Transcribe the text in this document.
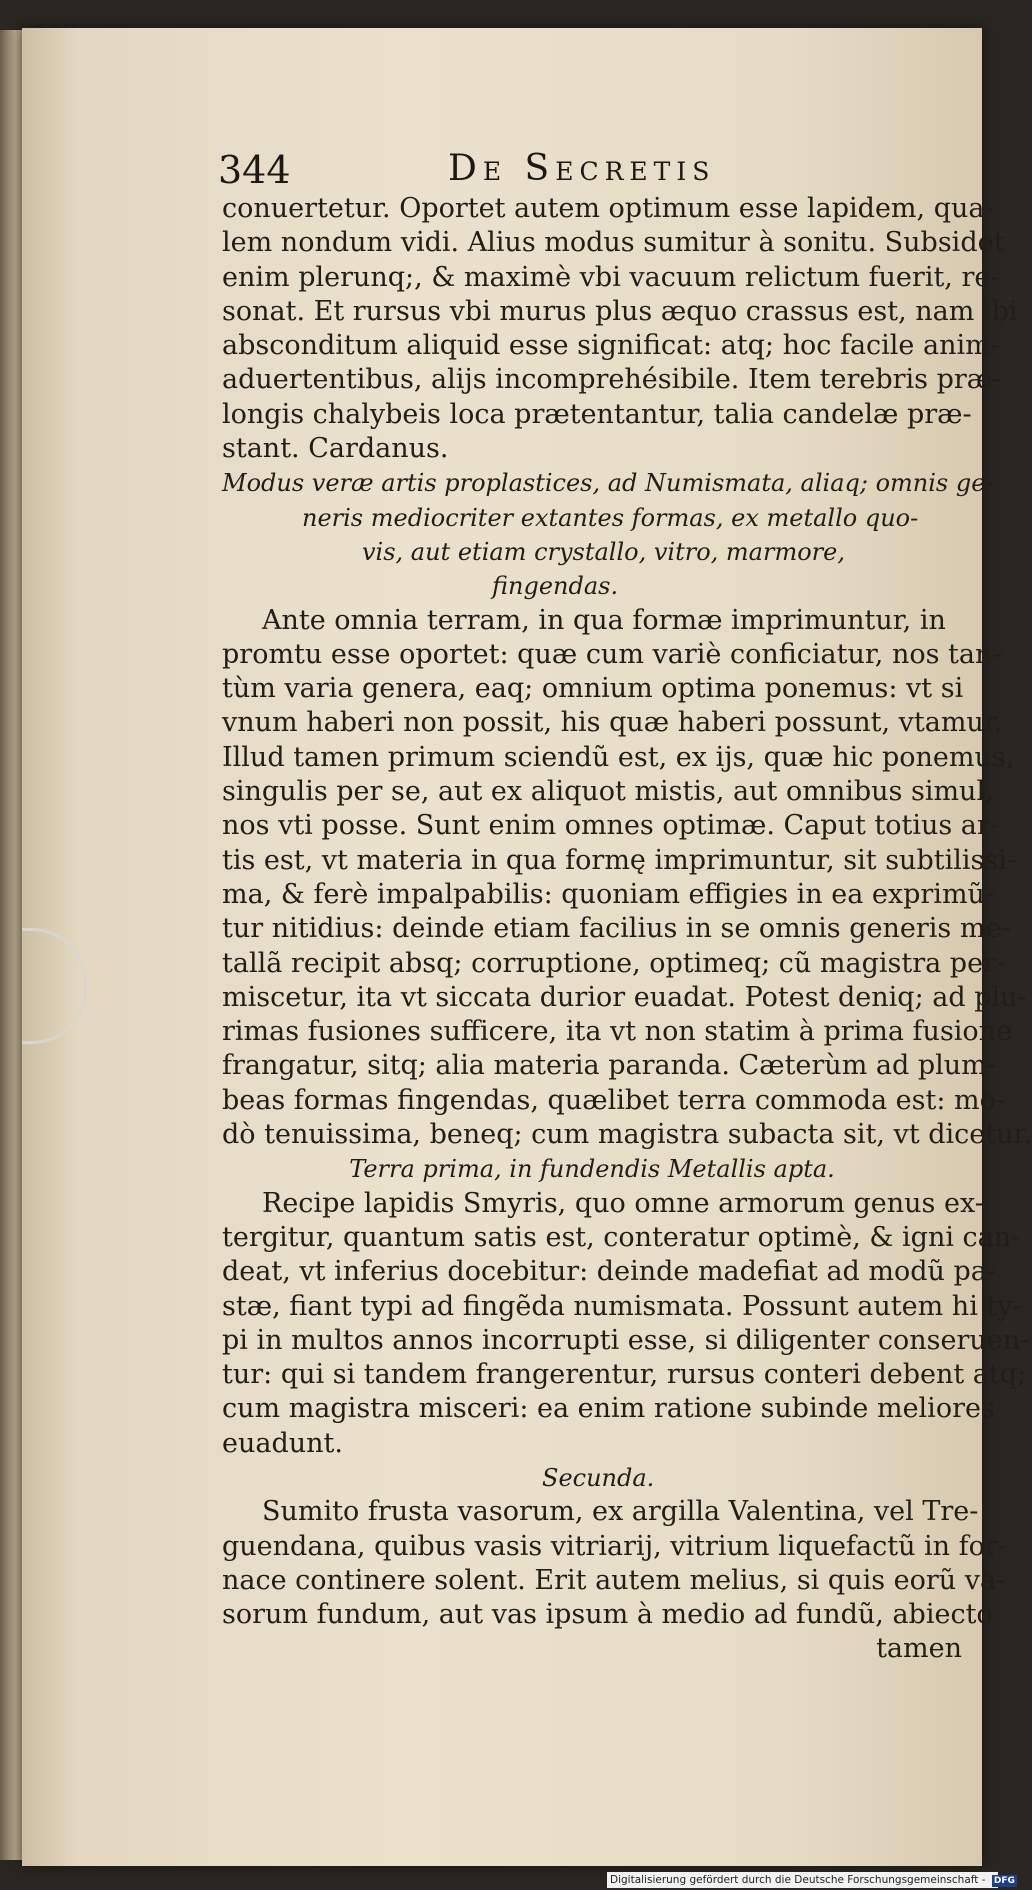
344	De Secretis
conuertetur. Oportet autem optimum esse lapidem, qua-
lem nondum vidi. Alius modus sumitur à sonitu. Subsidet
enim plerunq;, & maximè vbi vacuum relictum fuerit, re-
sonat. Et rursus vbi murus plus æquo crassus est, nam ibi
absconditum aliquid esse significat: atq; hoc facile anim-
aduertentibus, alijs incomprehésibile. Item terebris præ-
longis chalybeis loca prætentantur, talia candelæ præ-
stant. Cardanus.
Modus veræ artis proplastices, ad Numismata, aliaq; omnis ge-
neris mediocriter extantes formas, ex metallo quo-
vis, aut etiam crystallo, vitro, marmore,
fingendas.
Ante omnia terram, in qua formæ imprimuntur, in
promtu esse oportet: quæ cum variè conficiatur, nos tan-
tùm varia genera, eaq; omnium optima ponemus: vt si
vnum haberi non possit, his quæ haberi possunt, vtamur.
Illud tamen primum sciendũ est, ex ijs, quæ hic ponemus,
singulis per se, aut ex aliquot mistis, aut omnibus simul,
nos vti posse. Sunt enim omnes optimæ. Caput totius ar-
tis est, vt materia in qua formę imprimuntur, sit subtilissi-
ma, & ferè impalpabilis: quoniam effigies in ea exprimũ-
tur nitidius: deinde etiam facilius in se omnis generis me-
tallã recipit absq; corruptione, optimeq; cũ magistra per-
miscetur, ita vt siccata durior euadat. Potest deniq; ad plu-
rimas fusiones sufficere, ita vt non statim à prima fusione
frangatur, sitq; alia materia paranda. Cæterùm ad plum-
beas formas fingendas, quælibet terra commoda est: mo-
dò tenuissima, beneq; cum magistra subacta sit, vt dicetur.
Terra prima, in fundendis Metallis apta.
Recipe lapidis Smyris, quo omne armorum genus ex-
tergitur, quantum satis est, conteratur optimè, & igni can-
deat, vt inferius docebitur: deinde madefiat ad modũ pa-
stæ, fiant typi ad fingẽda numismata. Possunt autem hi ty-
pi in multos annos incorrupti esse, si diligenter conseruen-
tur: qui si tandem frangerentur, rursus conteri debent atq;
cum magistra misceri: ea enim ratione subinde meliores
euadunt.
Secunda.
Sumito frusta vasorum, ex argilla Valentina, vel Tre-
guendana, quibus vasis vitriarij, vitrium liquefactũ in for-
nace continere solent. Erit autem melius, si quis eorũ va-
sorum fundum, aut vas ipsum à medio ad fundũ, abiecto
tamen
Digitalisierung gefördert durch die Deutsche Forschungsgemeinschaft - DFG
